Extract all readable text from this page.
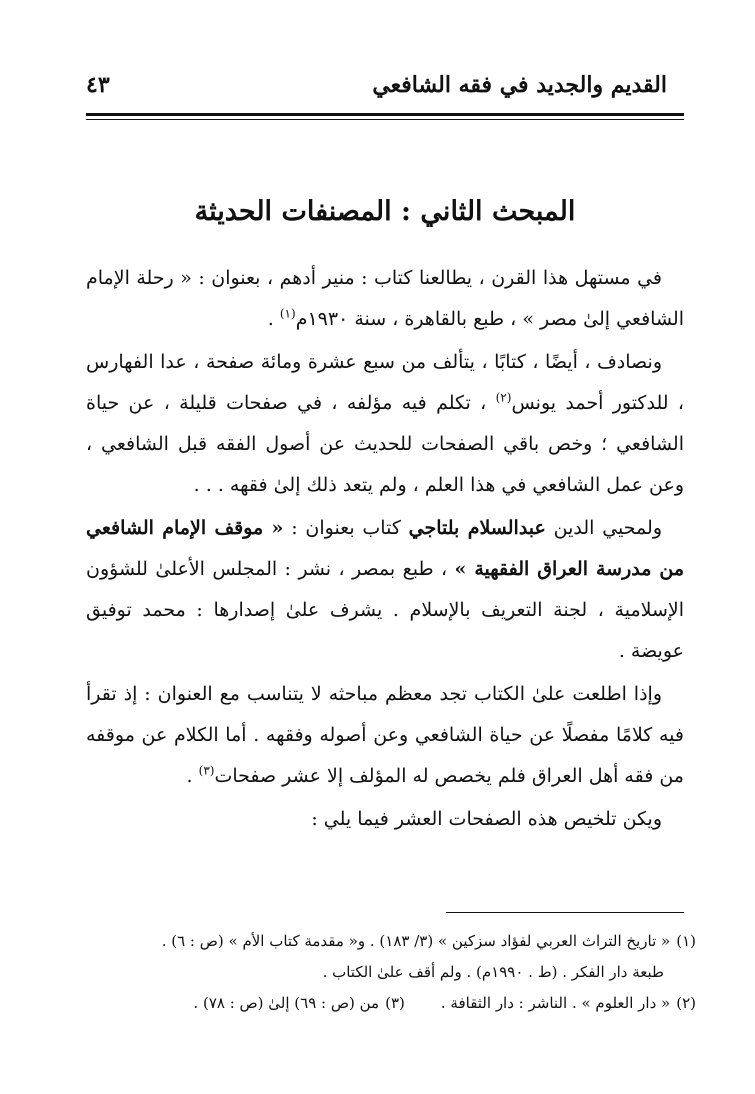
القديم والجديد في فقه الشافعي
٤٣
المبحث الثاني : المصنفات الحديثة

في مستهل هذا القرن ، يطالعنا كتاب : منير أدهم ، بعنوان : « رحلة الإمام الشافعي إلىٰ مصر » ، طبع بالقاهرة ، سنة ١٩٣٠م$^{(١)}$ .

ونصادف ، أيضًا ، كتابًا ، يتألف من سبع عشرة ومائة صفحة ، عدا الفهارس ، للدكتور أحمد يونس$^{(٢)}$ ، تكلم فيه مؤلفه ، في صفحات قليلة ، عن حياة الشافعي ؛ وخص باقي الصفحات للحديث عن أصول الفقه قبل الشافعي ، وعن عمل الشافعي في هذا العلم ، ولم يتعد ذلك إلىٰ فقهه . . .

ولمحيي الدين عبدالسلام بلتاجي كتاب بعنوان : « موقف الإمام الشافعي من مدرسة العراق الفقهية » ، طبع بمصر ، نشر : المجلس الأعلىٰ للشؤون الإسلامية ، لجنة التعريف بالإسلام . يشرف علىٰ إصدارها : محمد توفيق عويضة .

وإذا اطلعت علىٰ الكتاب تجد معظم مباحثه لا يتناسب مع العنوان : إذ تقرأ فيه كلامًا مفصلًا عن حياة الشافعي وعن أصوله وفقهه . أما الكلام عن موقفه من فقه أهل العراق فلم يخصص له المؤلف إلا عشر صفحات$^{(٣)}$ .

ويكن تلخيص هذه الصفحات العشر فيما يلي :

(١)« تاريخ التراث العربي لفؤاد سزكين » (٣/ ١٨٣) . و« مقدمة كتاب الأم » (ص : ٦) .

طبعة دار الفكر . (ط . ١٩٩٠م) . ولم أقف علىٰ الكتاب .

(٢)« دار العلوم » . الناشر : دار الثقافة .(٣)من (ص : ٦٩) إلىٰ (ص : ٧٨) .
